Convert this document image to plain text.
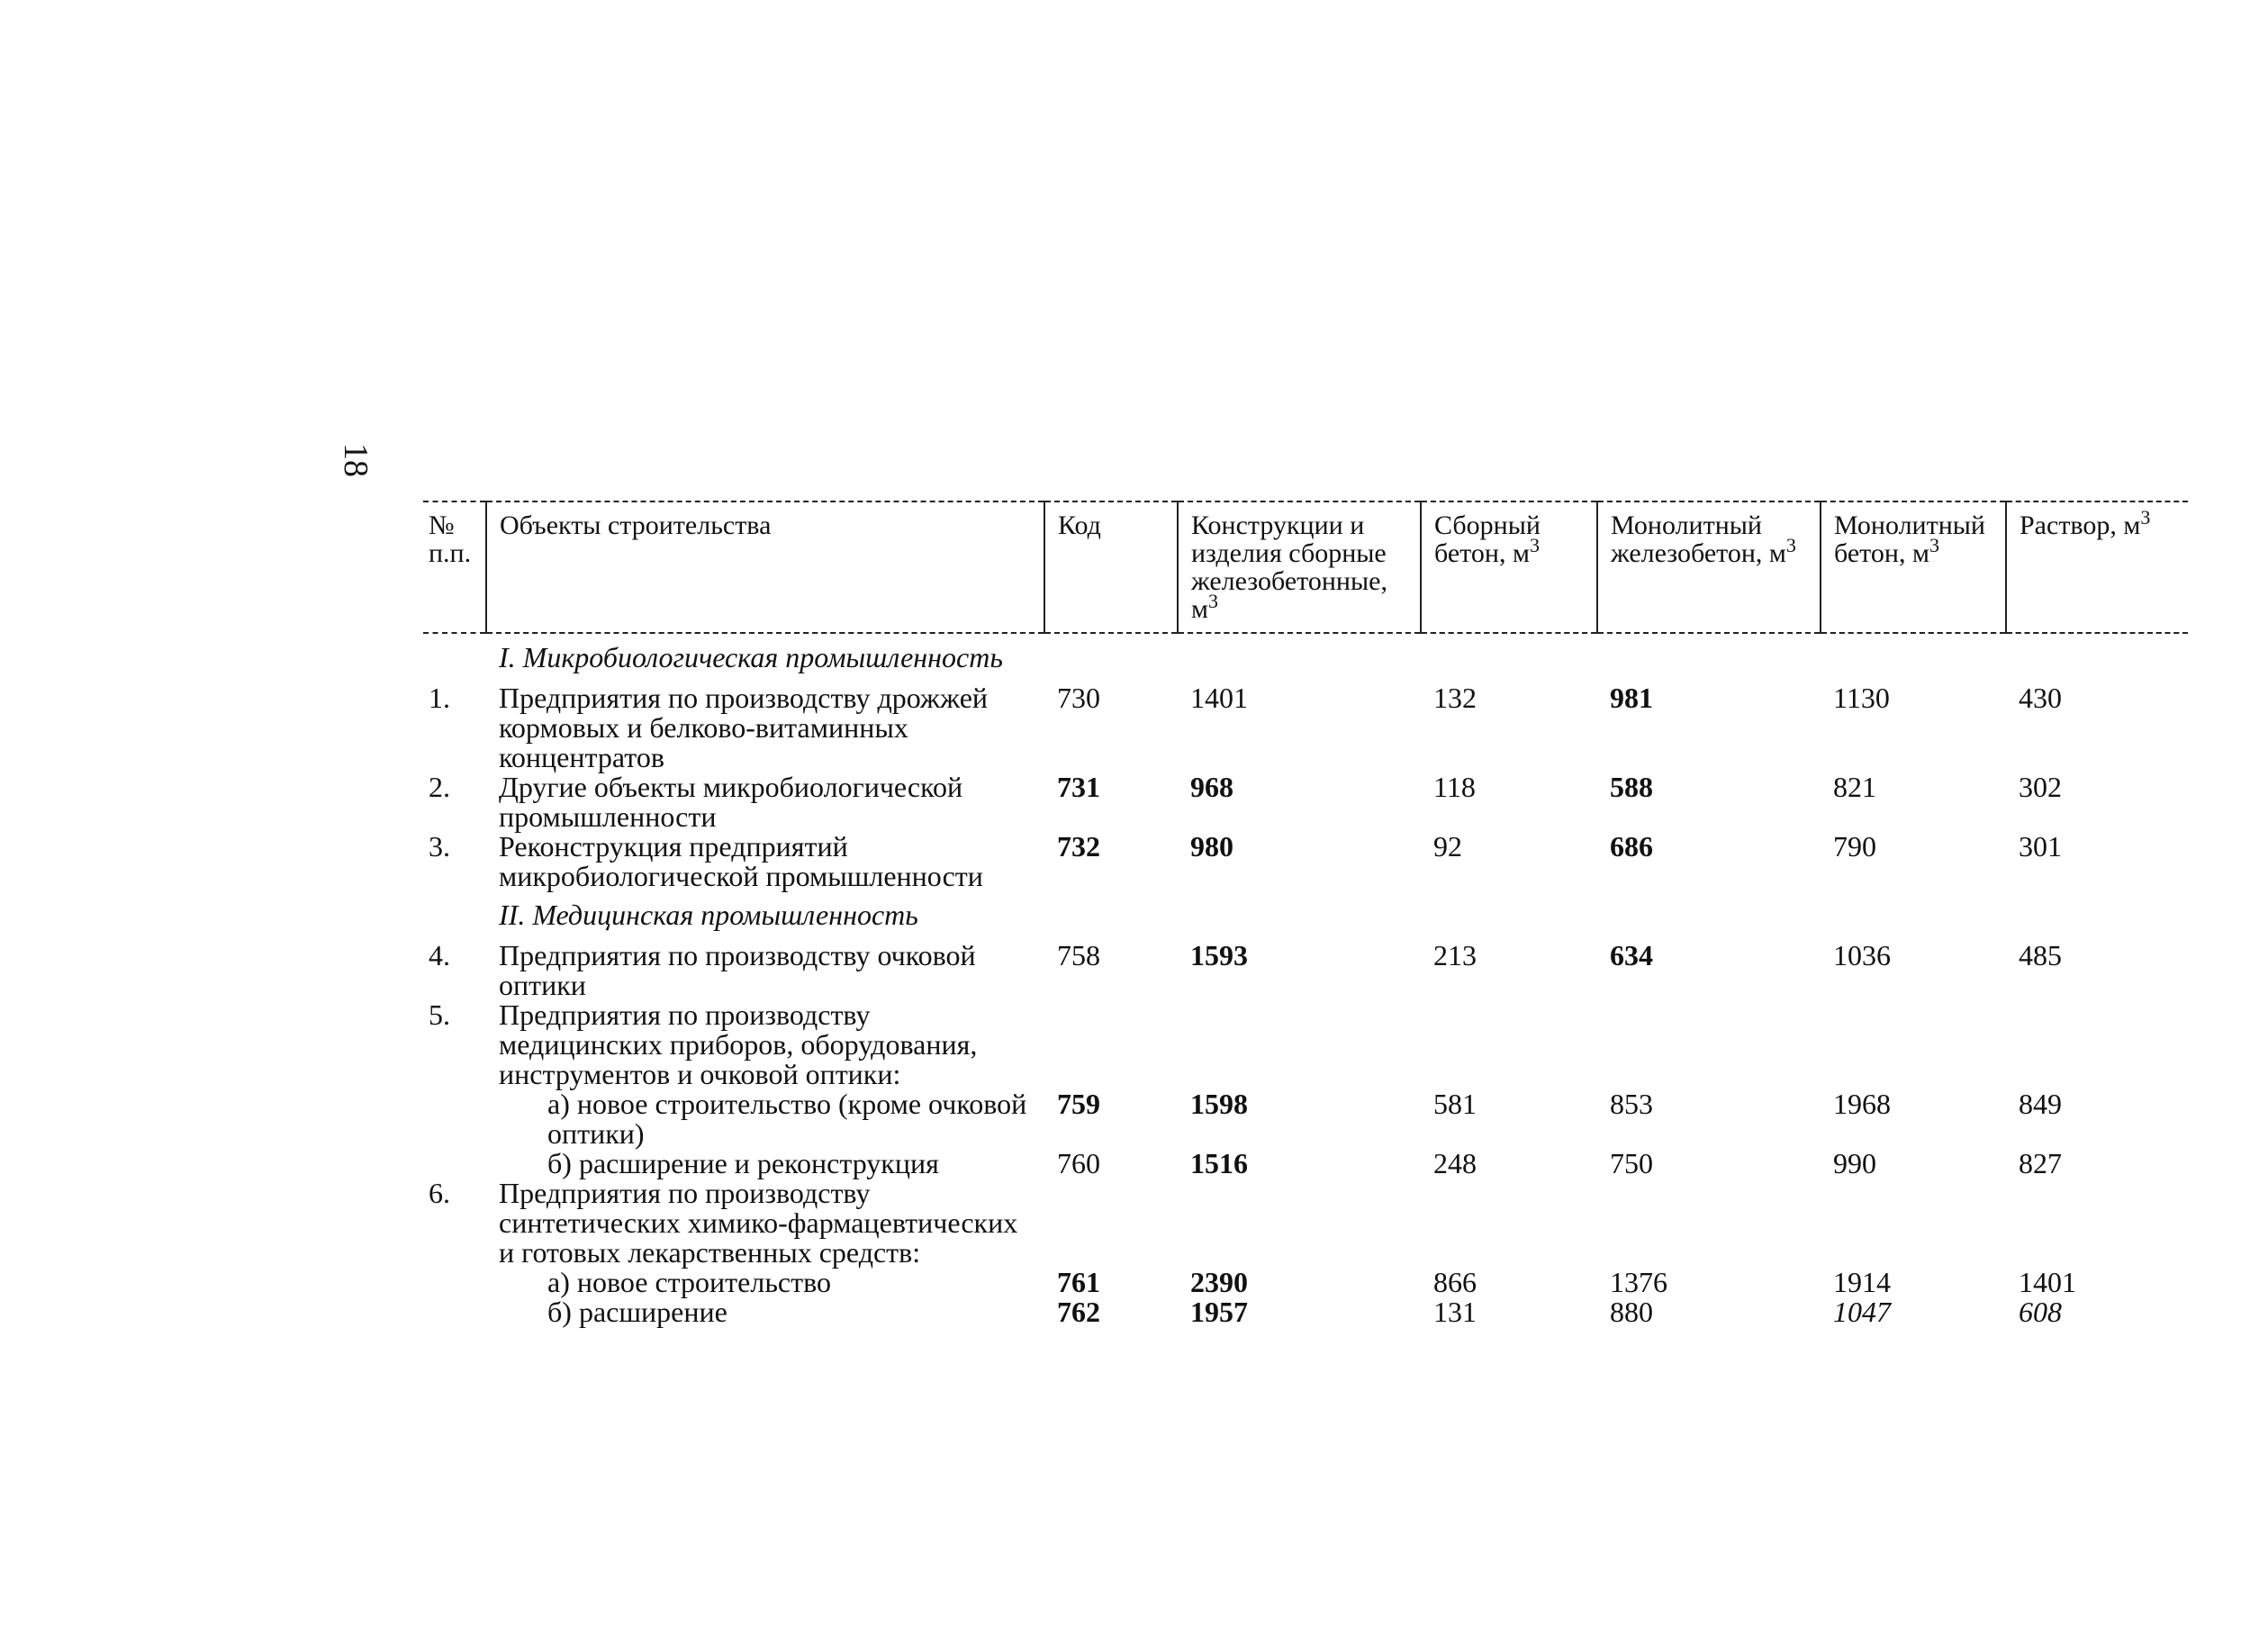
18
№ п.п.	Объекты строительства	Код	Конструкции и изделия сборные железобетонные, $м^3$	Сборный бетон, $м^3$	Монолитный железобетон, $м^3$	Монолитный бетон, $м^3$	Раствор, $м^3$
	I. Микробиологическая промышленность						
1.	Предприятия по производству дрожжей кормовых и белково-витаминных концентратов	730	1401	132	981	1130	430
2.	Другие объекты микробиологической промышленности	731	968	118	588	821	302
3.	Реконструкция предприятий микробиологической промышленности	732	980	92	686	790	301
	II. Медицинская промышленность						
4.	Предприятия по производству очковой оптики	758	1593	213	634	1036	485
5.	Предприятия по производству медицинских приборов, оборудования, инструментов и очковой оптики:						
	а) новое строительство (кроме очковой оптики)	759	1598	581	853	1968	849
	б) расширение и реконструкция	760	1516	248	750	990	827
6.	Предприятия по производству синтетических химико-фармацевтических и готовых лекарственных средств:						
	а) новое строительство	761	2390	866	1376	1914	1401
	б) расширение	762	1957	131	880	1047	608
